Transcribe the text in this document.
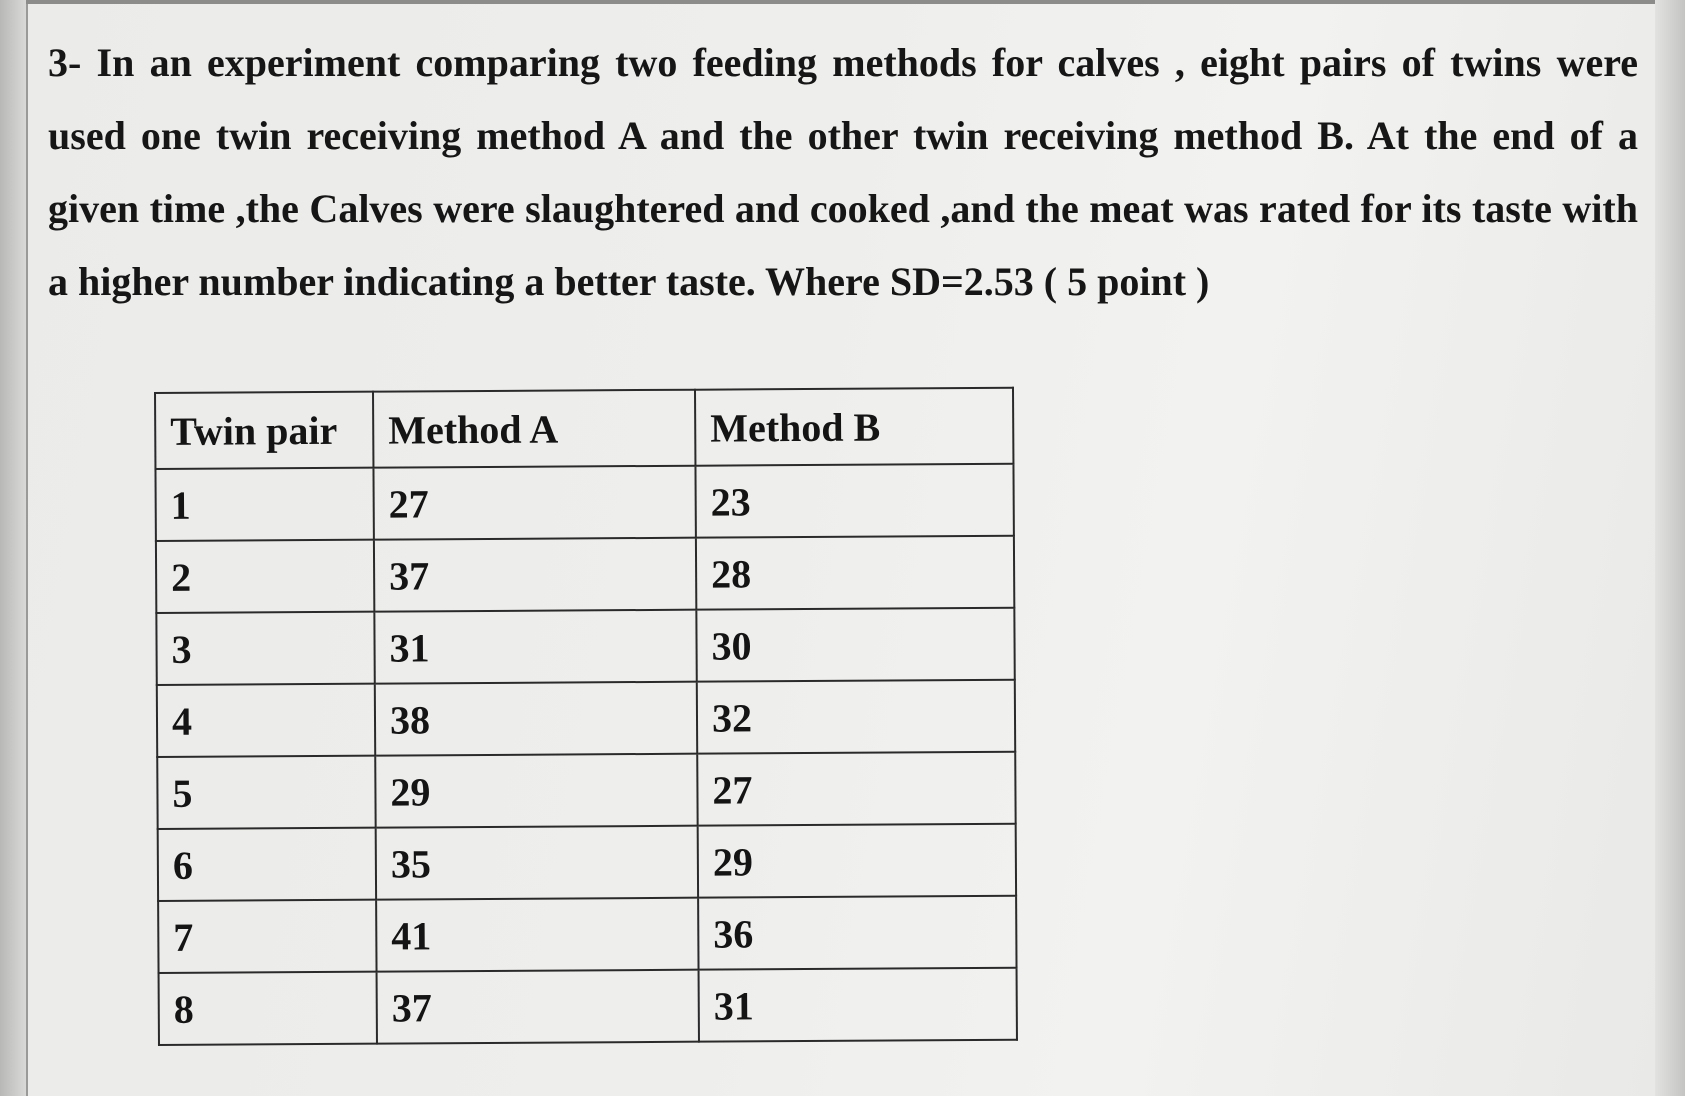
3- In an experiment comparing two feeding methods for calves , eight pairs of twins were used one twin receiving method A and the other twin receiving method B. At the end of a given time ,the Calves were slaughtered and cooked ,and the meat was rated for its taste with a higher number indicating a better taste. Where SD=2.53 ( 5 point )

Twin pair	Method A	Method B
1	27	23
2	37	28
3	31	30
4	38	32
5	29	27
6	35	29
7	41	36
8	37	31
